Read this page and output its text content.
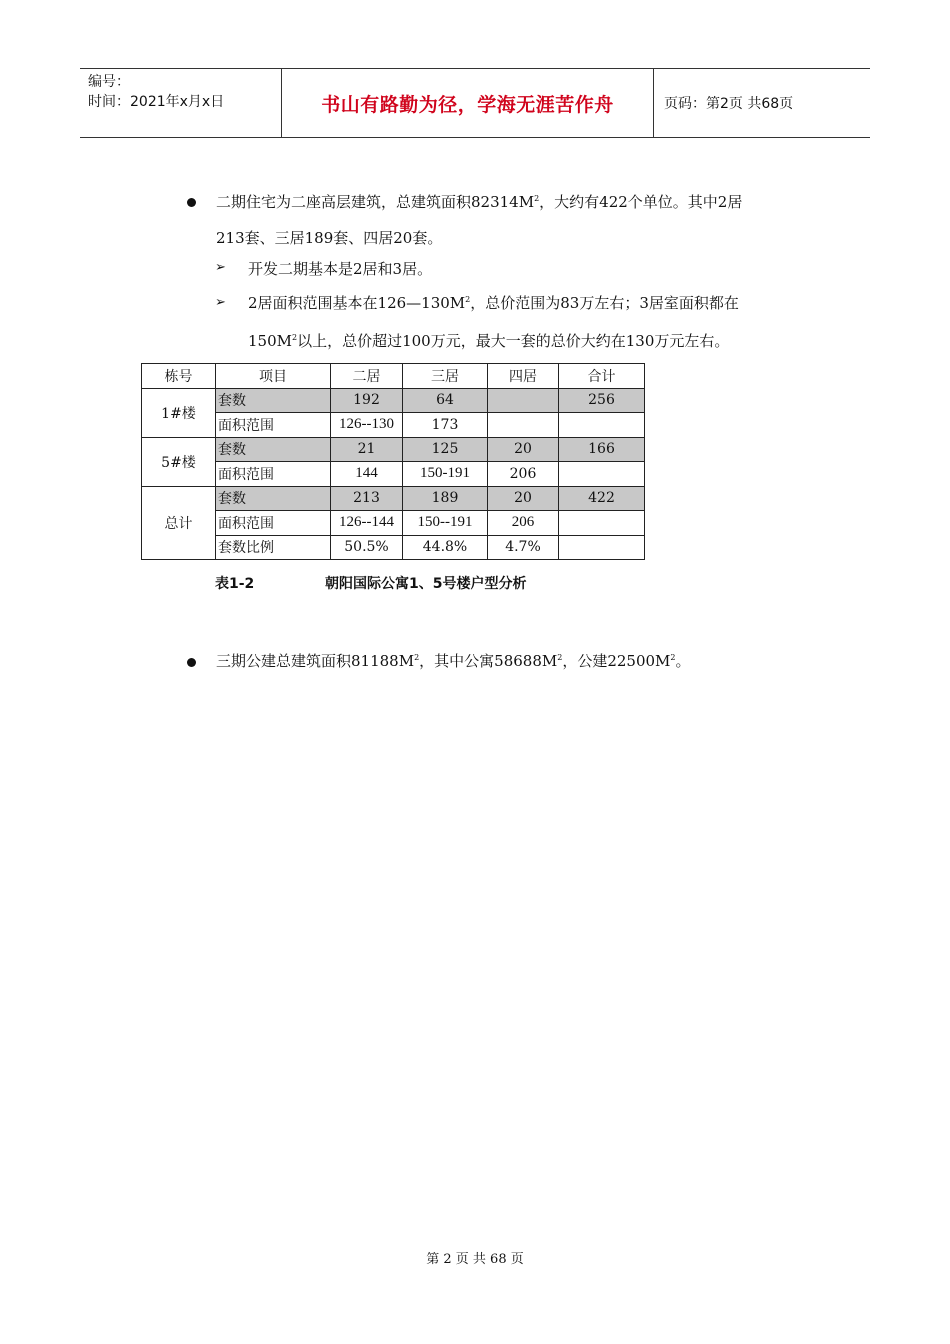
编号：
时间：2021年x月x日	书山有路勤为径，学海无涯苦作舟	页码：第2页 共68页
二期住宅为二座高层建筑，总建筑面积$82314M^2$，大约有422个单位。其中2居
213套、三居189套、四居20套。
➢ 开发二期基本是2居和3居。
➢ 2居面积范围基本在$126—130M^2$，总价范围为83万左右；3居室面积都在
$150M^2$以上，总价超过100万元，最大一套的总价大约在130万元左右。
栋号	项目	二居	三居	四居	合计
1#楼	套数	192	64		256
	面积范围	126--130	173		
5#楼	套数	21	125	20	166
	面积范围	144	150-191	206	
总计	套数	213	189	20	422
	面积范围	126--144	150--191	206	
	套数比例	50.5%	44.8%	4.7%	
表1-2	朝阳国际公寓1、5号楼户型分析
三期公建总建筑面积$81188M^2$，其中公寓$58688M^2$，公建$22500M^2$。
第 2 页 共 68 页
